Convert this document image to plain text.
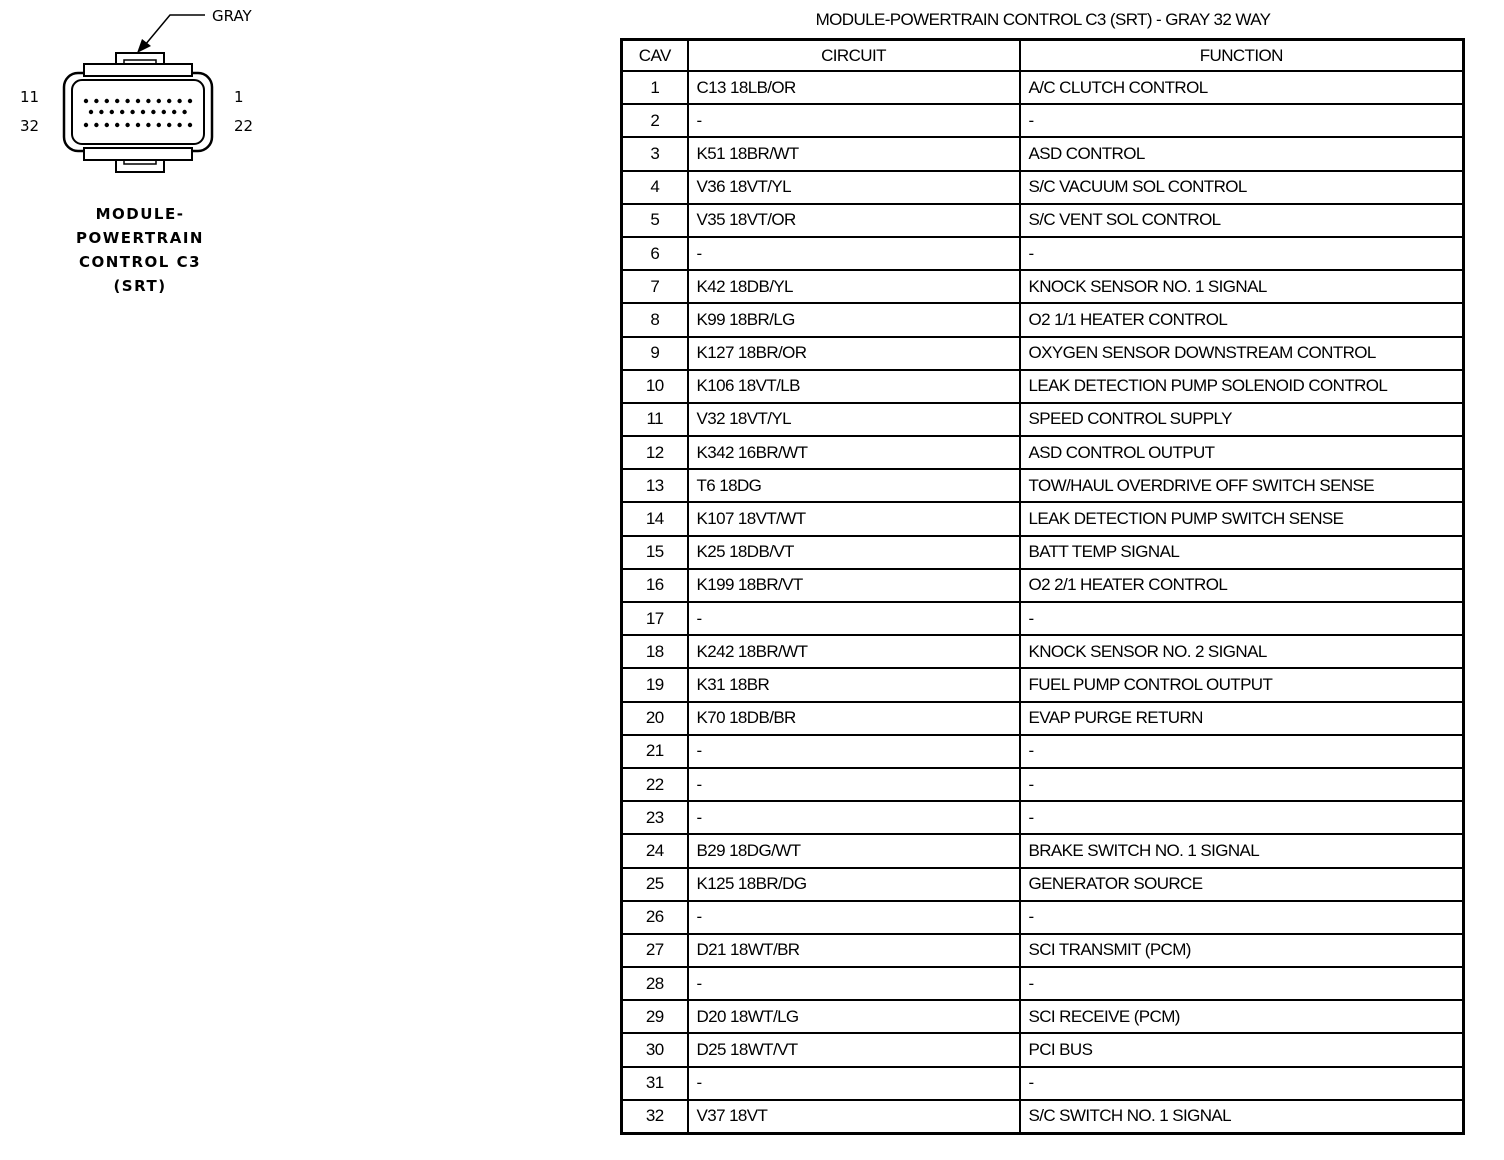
GRAY
11
32
1
22
MODULE-
POWERTRAIN
CONTROL C3
(SRT)
MODULE-POWERTRAIN CONTROL C3 (SRT) - GRAY 32 WAY
CAV	CIRCUIT	FUNCTION
1	C13 18LB/OR	A/C CLUTCH CONTROL
2	-	-
3	K51 18BR/WT	ASD CONTROL
4	V36 18VT/YL	S/C VACUUM SOL CONTROL
5	V35 18VT/OR	S/C VENT SOL CONTROL
6	-	-
7	K42 18DB/YL	KNOCK SENSOR NO. 1 SIGNAL
8	K99 18BR/LG	O2 1/1 HEATER CONTROL
9	K127 18BR/OR	OXYGEN SENSOR DOWNSTREAM CONTROL
10	K106 18VT/LB	LEAK DETECTION PUMP SOLENOID CONTROL
11	V32 18VT/YL	SPEED CONTROL SUPPLY
12	K342 16BR/WT	ASD CONTROL OUTPUT
13	T6 18DG	TOW/HAUL OVERDRIVE OFF SWITCH SENSE
14	K107 18VT/WT	LEAK DETECTION PUMP SWITCH SENSE
15	K25 18DB/VT	BATT TEMP SIGNAL
16	K199 18BR/VT	O2 2/1 HEATER CONTROL
17	-	-
18	K242 18BR/WT	KNOCK SENSOR NO. 2 SIGNAL
19	K31 18BR	FUEL PUMP CONTROL OUTPUT
20	K70 18DB/BR	EVAP PURGE RETURN
21	-	-
22	-	-
23	-	-
24	B29 18DG/WT	BRAKE SWITCH NO. 1 SIGNAL
25	K125 18BR/DG	GENERATOR SOURCE
26	-	-
27	D21 18WT/BR	SCI TRANSMIT (PCM)
28	-	-
29	D20 18WT/LG	SCI RECEIVE (PCM)
30	D25 18WT/VT	PCI BUS
31	-	-
32	V37 18VT	S/C SWITCH NO. 1 SIGNAL
